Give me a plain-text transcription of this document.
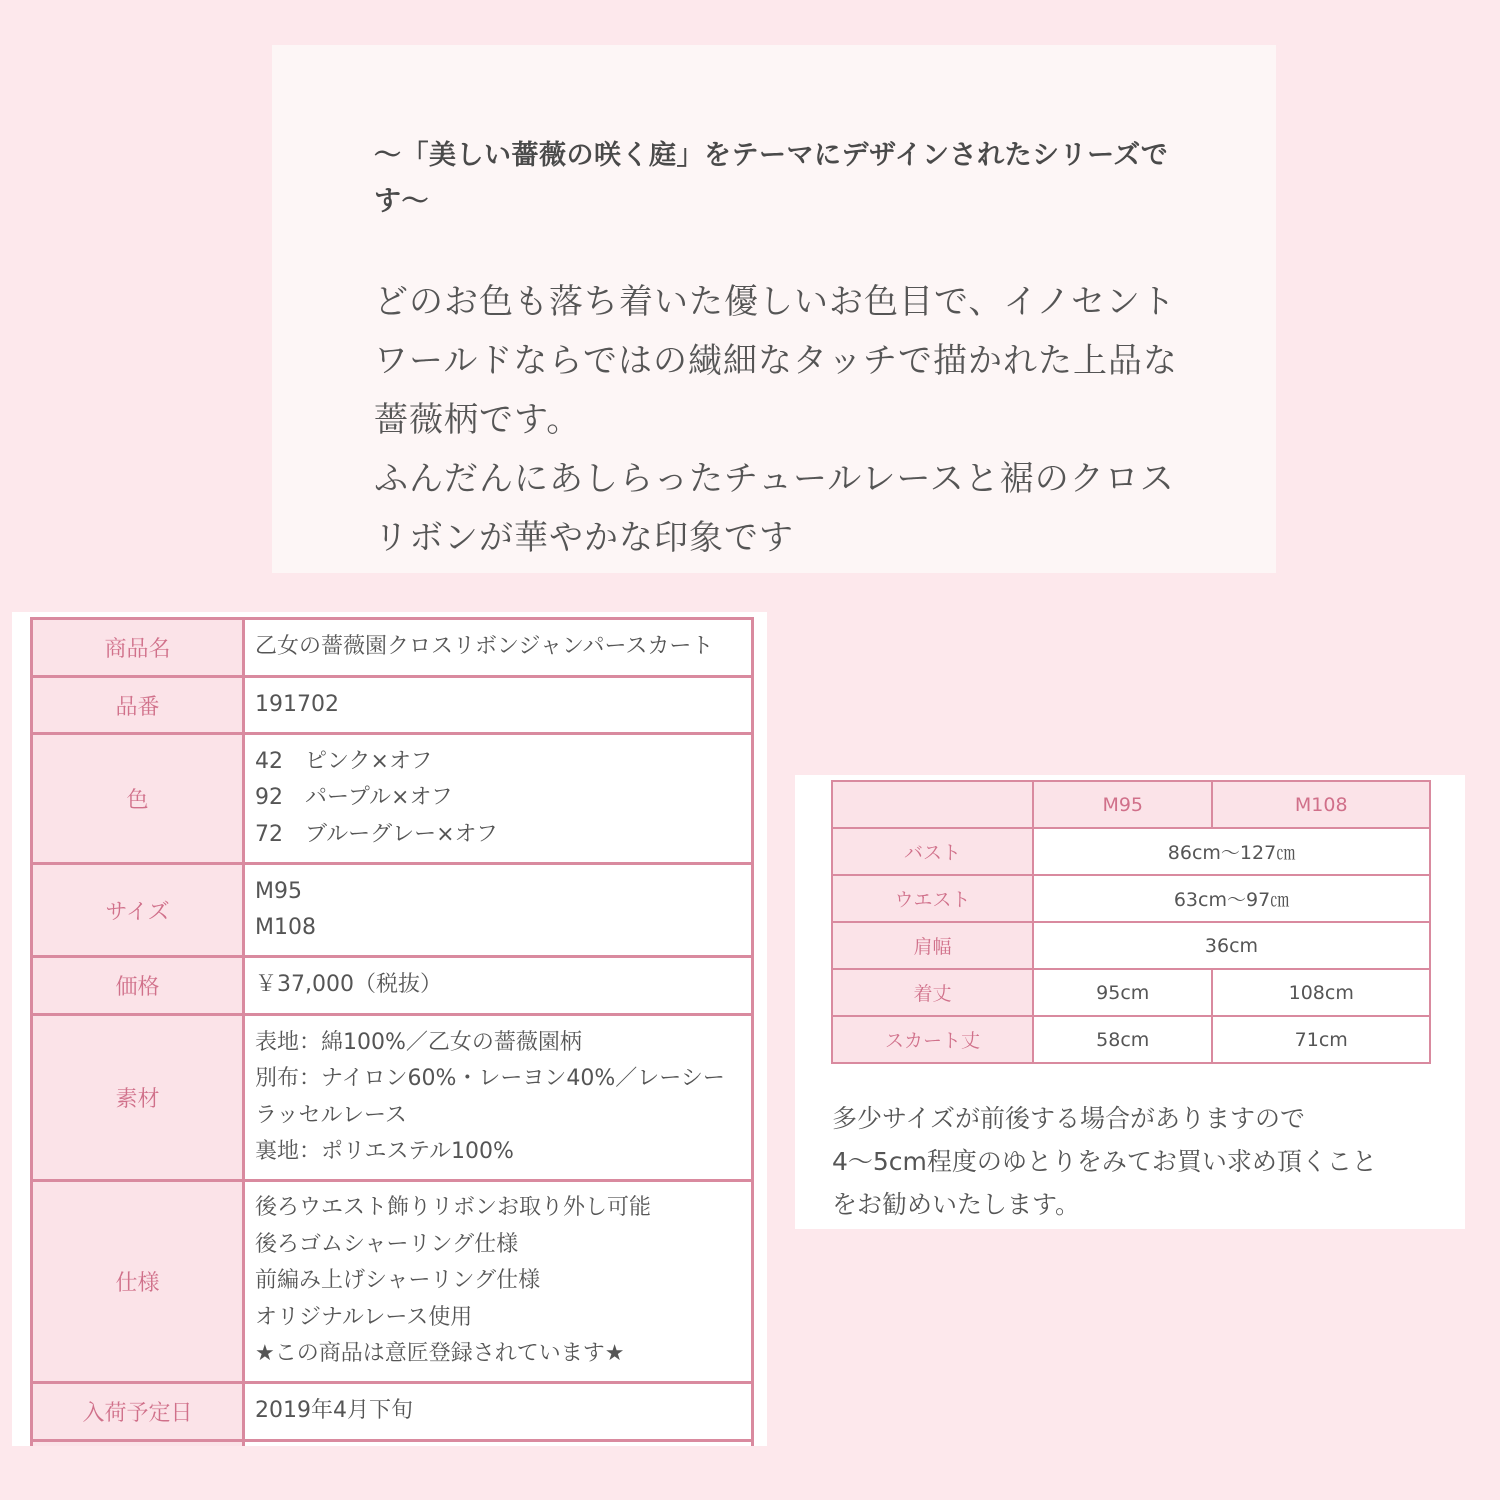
〜「美しい薔薇の咲く庭」をテーマにデザインされたシリーズです〜

どのお色も落ち着いた優しいお色目で、イノセントワールドならではの繊細なタッチで描かれた上品な薔薇柄です。

ふんだんにあしらったチュールレースと裾のクロスリボンが華やかな印象です

商品名	乙女の薔薇園クロスリボンジャンパースカート

品番	191702

色	42　ピンク×オフ
92　パープル×オフ
72　ブルーグレー×オフ

サイズ	M95
M108

価格	￥37,000（税抜）

素材	表地：綿100%／乙女の薔薇園柄
別布：ナイロン60%・レーヨン40%／レーシー
ラッセルレース
裏地：ポリエステル100%

仕様	後ろウエスト飾りリボンお取り外し可能
後ろゴムシャーリング仕様
前編み上げシャーリング仕様
オリジナルレース使用
★この商品は意匠登録されています★

入荷予定日	2019年4月下旬

	M95	M108
バスト	86cm〜127㎝	
ウエスト	63cm〜97㎝	
肩幅	36cm	
着丈	95cm	108cm
スカート丈	58cm	71cm

多少サイズが前後する場合がありますので

4〜5cm程度のゆとりをみてお買い求め頂くこと

をお勧めいたします。
